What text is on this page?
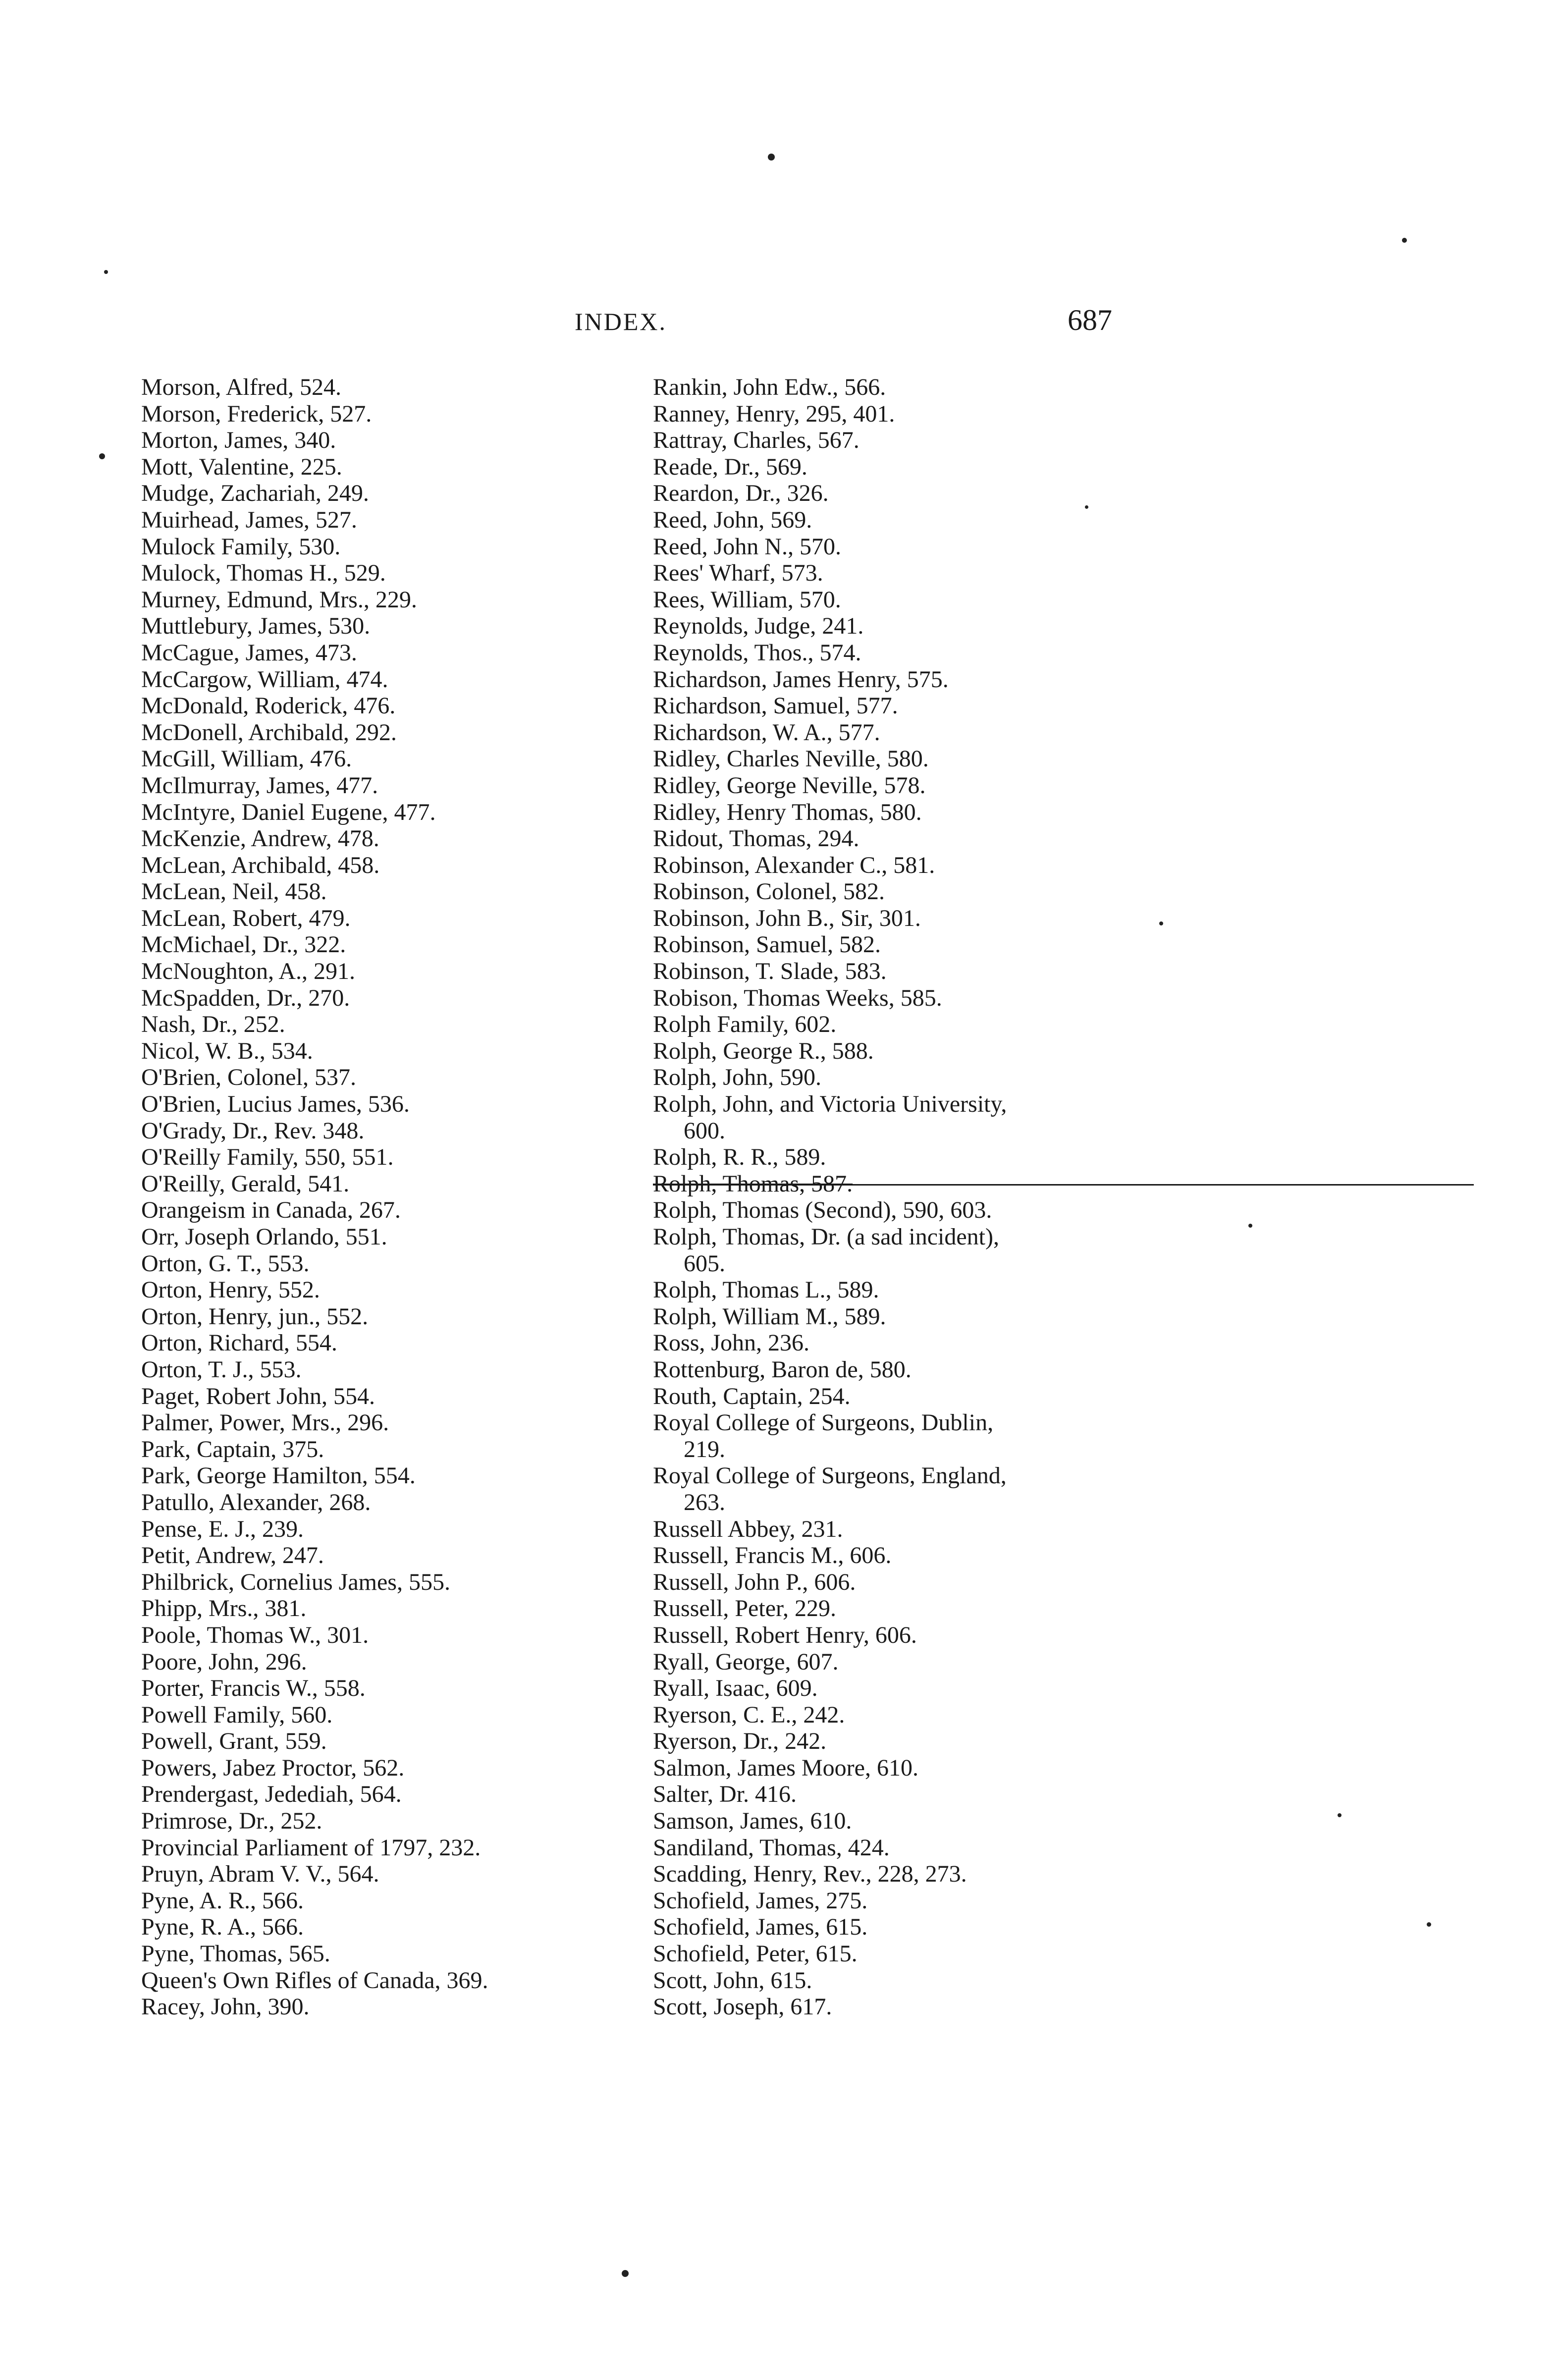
INDEX.	687
Morson, Alfred, 524.
Morson, Frederick, 527.
Morton, James, 340.
Mott, Valentine, 225.
Mudge, Zachariah, 249.
Muirhead, James, 527.
Mulock Family, 530.
Mulock, Thomas H., 529.
Murney, Edmund, Mrs., 229.
Muttlebury, James, 530.
McCague, James, 473.
McCargow, William, 474.
McDonald, Roderick, 476.
McDonell, Archibald, 292.
McGill, William, 476.
McIlmurray, James, 477.
McIntyre, Daniel Eugene, 477.
McKenzie, Andrew, 478.
McLean, Archibald, 458.
McLean, Neil, 458.
McLean, Robert, 479.
McMichael, Dr., 322.
McNoughton, A., 291.
McSpadden, Dr., 270.
Nash, Dr., 252.
Nicol, W. B., 534.
O'Brien, Colonel, 537.
O'Brien, Lucius James, 536.
O'Grady, Dr., Rev. 348.
O'Reilly Family, 550, 551.
O'Reilly, Gerald, 541.
Orangeism in Canada, 267.
Orr, Joseph Orlando, 551.
Orton, G. T., 553.
Orton, Henry, 552.
Orton, Henry, jun., 552.
Orton, Richard, 554.
Orton, T. J., 553.
Paget, Robert John, 554.
Palmer, Power, Mrs., 296.
Park, Captain, 375.
Park, George Hamilton, 554.
Patullo, Alexander, 268.
Pense, E. J., 239.
Petit, Andrew, 247.
Philbrick, Cornelius James, 555.
Phipp, Mrs., 381.
Poole, Thomas W., 301.
Poore, John, 296.
Porter, Francis W., 558.
Powell Family, 560.
Powell, Grant, 559.
Powers, Jabez Proctor, 562.
Prendergast, Jedediah, 564.
Primrose, Dr., 252.
Provincial Parliament of 1797, 232.
Pruyn, Abram V. V., 564.
Pyne, A. R., 566.
Pyne, R. A., 566.
Pyne, Thomas, 565.
Queen's Own Rifles of Canada, 369.
Racey, John, 390.
Rankin, John Edw., 566.
Ranney, Henry, 295, 401.
Rattray, Charles, 567.
Reade, Dr., 569.
Reardon, Dr., 326.
Reed, John, 569.
Reed, John N., 570.
Rees' Wharf, 573.
Rees, William, 570.
Reynolds, Judge, 241.
Reynolds, Thos., 574.
Richardson, James Henry, 575.
Richardson, Samuel, 577.
Richardson, W. A., 577.
Ridley, Charles Neville, 580.
Ridley, George Neville, 578.
Ridley, Henry Thomas, 580.
Ridout, Thomas, 294.
Robinson, Alexander C., 581.
Robinson, Colonel, 582.
Robinson, John B., Sir, 301.
Robinson, Samuel, 582.
Robinson, T. Slade, 583.
Robison, Thomas Weeks, 585.
Rolph Family, 602.
Rolph, George R., 588.
Rolph, John, 590.
Rolph, John, and Victoria University,
600.
Rolph, R. R., 589.
Rolph, Thomas, 587.
Rolph, Thomas (Second), 590, 603.
Rolph, Thomas, Dr. (a sad incident),
605.
Rolph, Thomas L., 589.
Rolph, William M., 589.
Ross, John, 236.
Rottenburg, Baron de, 580.
Routh, Captain, 254.
Royal College of Surgeons, Dublin,
219.
Royal College of Surgeons, England,
263.
Russell Abbey, 231.
Russell, Francis M., 606.
Russell, John P., 606.
Russell, Peter, 229.
Russell, Robert Henry, 606.
Ryall, George, 607.
Ryall, Isaac, 609.
Ryerson, C. E., 242.
Ryerson, Dr., 242.
Salmon, James Moore, 610.
Salter, Dr. 416.
Samson, James, 610.
Sandiland, Thomas, 424.
Scadding, Henry, Rev., 228, 273.
Schofield, James, 275.
Schofield, James, 615.
Schofield, Peter, 615.
Scott, John, 615.
Scott, Joseph, 617.
